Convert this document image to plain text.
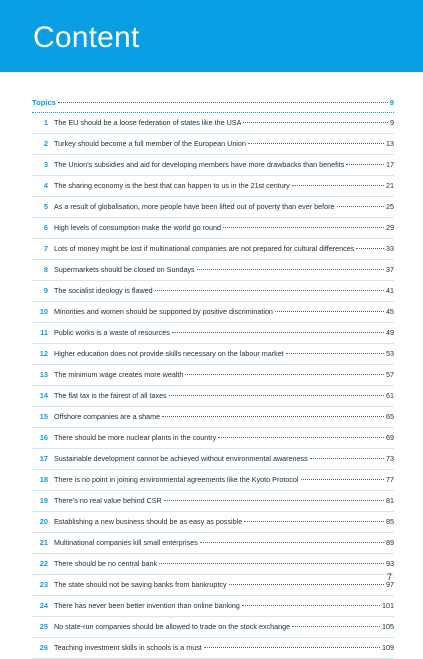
Content
Topics	9
1 The EU should be a loose federation of states like the USA	9
2 Turkey should become a full member of the European Union	13
3 The Union’s subsidies and aid for developing members have more drawbacks than benefits	17
4 The sharing economy is the best that can happen to us in the 21st century	21
5 As a result of globalisation, more people have been lifted out of poverty than ever before	25
6 High levels of consumption make the world go round	29
7 Lots of money might be lost if multinational companies are not prepared for cultural differences	33
8 Supermarkets should be closed on Sundays	37
9 The socialist ideology is flawed	41
10 Minorities and women should be supported by positive discrimination	45
11 Public works is a waste of resources	49
12 Higher education does not provide skills necessary on the labour market	53
13 The minimum wage creates more wealth	57
14 The flat tax is the fairest of all taxes	61
15 Offshore companies are a shame	65
16 There should be more nuclear plants in the country	69
17 Sustainable development cannot be achieved without environmental awareness	73
18 There is no point in joining environmental agreements like the Kyoto Protocol	77
19 There’s no real value behind CSR	81
20 Establishing a new business should be as easy as possible	85
21 Multinational companies kill small enterprises	89
22 There should be no central bank	93
23 The state should not be saving banks from bankruptcy	97
24 There has never been better invention than online banking	101
25 No state-run companies should be allowed to trade on the stock exchange	105
26 Teaching investment skills in schools is a must	109
7
